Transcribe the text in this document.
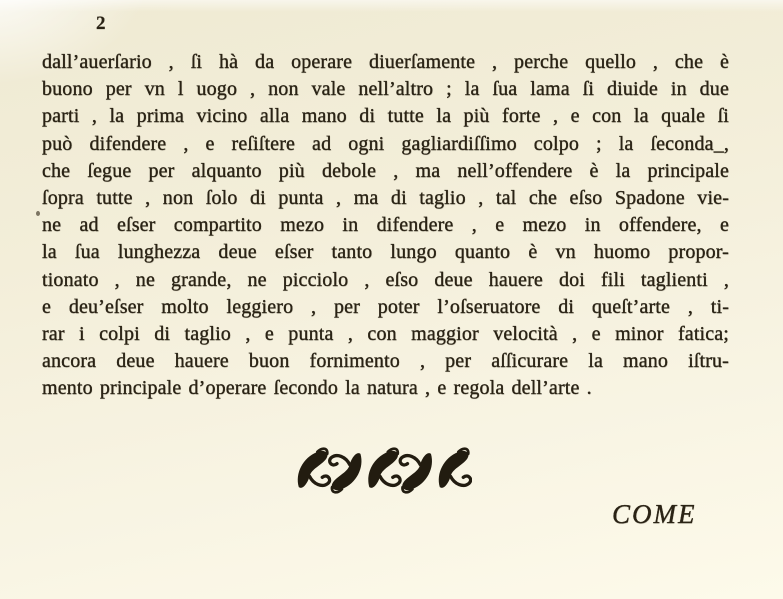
2
dall’auerſario , ſi hà da operare diuerſamente , perche quello , che è
buono per vn l uogo , non vale nell’altro ; la ſua lama ſi diuide in due
parti , la prima vicino alla mano di tutte la più forte , e con la quale ſi
può difendere , e reſiſtere ad ogni gagliardiſſimo colpo ; la ſeconda_,
che ſegue per alquanto più debole , ma nell’offendere è la principale
ſopra tutte , non ſolo di punta , ma di taglio , tal che eſso Spadone vie-
ne ad eſser compartito mezo in difendere , e mezo in offendere, e
la ſua lunghezza deue eſser tanto lungo quanto è vn huomo propor-
tionato , ne grande, ne picciolo , eſso deue hauere doi fili taglienti ,
e deu’eſser molto leggiero , per poter l’oſseruatore di queſt’arte , ti-
rar i colpi di taglio , e punta , con maggior velocità , e minor fatica;
ancora deue hauere buon fornimento , per aſſicurare la mano iſtru-
mento principale d’operare ſecondo la natura , e regola dell’arte .
COME
